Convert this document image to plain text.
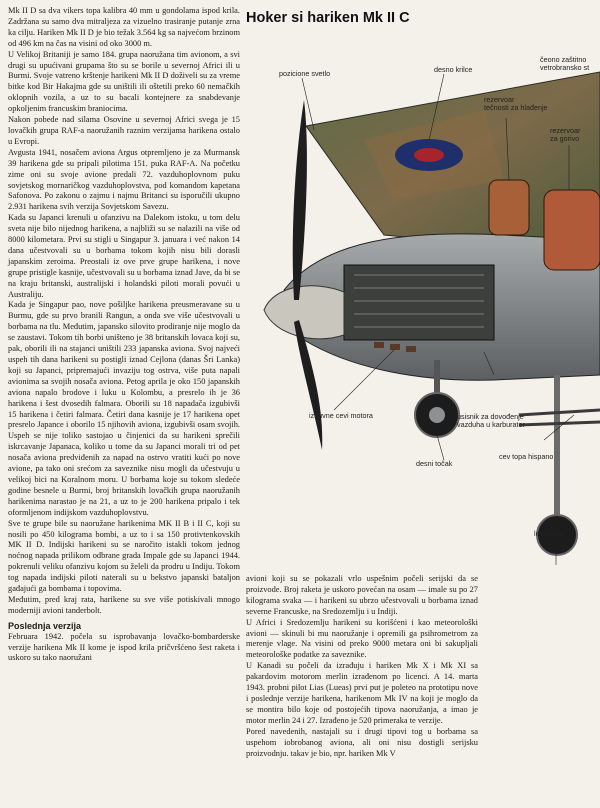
Mk II D sa dva vikers topa kalibra 40 mm u gondolama ispod krila. Zadržana su samo dva mitraljeza za vizuelno trasiranje putanje zrna ka cilju. Hariken Mk II D je bio težak 3.564 kg sa najvećom brzinom od 496 km na čas na visini od oko 3000 m.

U Velikoj Britaniji je samo 184. grupa naoružana tim avionom, a svi drugi su upućivani grupama što su se borile u severnoj Africi ili u Burmi. Svoje vatreno krštenje harikeni Mk II D doživeli su za vreme bitke kod Bir Hakajma gde su uništili ili oštetili preko 60 nemačkih oklopnih vozila, a uz to su bacali kontejnere za snabdevanje opkoljenim francuskim braniocima.

Nakon pobede nad silama Osovine u severnoj Africi svega je 15 lovačkih grupa RAF-a naoružanih raznim verzijama harikena ostalo u Evropi.

Avgusta 1941, nosačem aviona Argus otpremljeno je za Murmansk 39 harikena gde su pripali pilotima 151. puka RAF-A. Na početku zime oni su svoje avione predali 72. vazduhoplovnom puku sovjetskog mornaričkog vazduhoplovstva, pod komandom kapetana Safonova. Po zakonu o zajmu i najmu Britanci su isporučili ukupno 2.931 harikena svih verzija Sovjetskom Savezu.

Kada su Japanci krenuli u ofanzivu na Dalekom istoku, u tom delu sveta nije bilo nijednog harikena, a najbliži su se nalazili na više od 8000 kilometara. Prvi su stigli u Singapur 3. januara i već nakon 14 dana učestvovali su u borbama tokom kojih nisu bili dorasli japanskim zeroima. Preostali iz ove prve grupe harikena, i nove grupe pristigle kasnije, učestvovali su u borbama iznad Jave, da bi se na kraju britanski, australijski i holandski piloti morali povući u Australiju.

Kada je Singapur pao, nove pošiljke harikena preusmeravane su u Burmu, gde su prvo branili Rangun, a onda sve više učestvovali u borbama na tlu. Međutim, japansko silovito prodiranje nije moglo da se zaustavi. Tokom tih borbi uništeno je 38 britanskih lovaca koji su, pak, oborili ili na stajanci uništili 233 japanska aviona. Svoj najveći uspeh tih dana harikeni su postigli iznad Cejlona (danas Šri Lanka) koji su Japanci, pripremajući invaziju tog ostrva, više puta napali avionima sa svojih nosača aviona. Petog aprila je oko 150 japanskih aviona napalo brodove i luku u Kolombu, a presrelo ih je 36 harikena i šest dvosedih falmara. Oborili su 18 napadača izgubivši 15 harikena i četiri falmara. Četiri dana kasnije je 17 harikena opet presrelo Japance i oborilo 15 njihovih aviona, izgubivši osam svojih. Uspeh se nije toliko sastojao u činjenici da su harikeni sprečili iskrcavanje Japanaca, koliko u tome da su Japanci morali tri od pet nosača aviona predviđenih za napad na ostrvo vratiti kući po nove avione, pa tako oni srećom za saveznike nisu mogli da učestvuju u velikoj bici na Koralnom moru. U borbama koje su tokom sledeće godine besnele u Burmi, broj britanskih lovačkih grupa naoružanih harikenima narastao je na 21, a uz to je 200 harikena pripalo i tek oformljenom indijskom vazduhoplovstvu.

Sve te grupe bile su naoružane harikenima MK II B i II C, koji su nosili po 450 kilograma bombi, a uz to i sa 150 protivtenkovskih MK II D. Indijski harikeni su se naročito istakli tokom jednog noćnog napada prilikom odbrane grada Impale gde su Japanci 1944. pokrenuli veliku ofanzivu kojom su želeli da prodru u Indiju. Tokom tog napada indijski piloti naterali su u bekstvo japanski bataljon gađajući ga bombama i topovima.

Međutim, pred kraj rata, harikene su sve više potiskivali mnogo moderniji avioni tanderbolt.

Poslednja verzija

Februara 1942. počela su isprobavanja lovačko-bombarderske verzije harikena Mk II kome je ispod krila pričvršćeno šest raketa i uskoro su tako naoružani

Hoker si hariken Mk II C
čeono zaštitno
vetrobransko st
pozicione svetlo	desno krilce
rezervoar
tečnosti za hlađenje
rezervoar
za gorivo
izduvne cevi motora	usisnik za dovođenje
vazduha u karburator
desni točak
cev topa hispano
levi točak

avioni koji su se pokazali vrlo uspešnim počeli serijski da se proizvode. Broj raketa je uskoro povećan na osam — imale su po 27 kilograma svaka — i harikeni su ubrzo učestvovali u borbama iznad severne Francuske, na Sredozemlju i u Indiji.

U Africi i Sredozemlju harikeni su korišćeni i kao meteorološki avioni — skinuli bi mu naoružanje i opremili ga psihrometrom za merenje vlage. Na visini od preko 9000 metara oni bi sakupljali meteorološke podatke za saveznike.

U Kanadi su počeli da izrađuju i hariken Mk X i Mk XI sa pakardovim motorom merlin izrađenom po licenci. A 14. marta 1943. probni pilot Lias (Lueas) prvi put je poleteo na prototipu nove i poslednje verzije harikena, harikenom Mk IV na koji je moglo da se montira bilo koje od postojećih tipova naoružanja, a imao je motor merlin 24 i 27. Izrađeno je 520 primeraka te verzije.

Pored navedenih, nastajali su i drugi tipovi tog u borbama sa uspehom iobrobanog aviona, ali oni nisu dostigli serijsku proizvodnju. takav je bio, npr. hariken Mk V
